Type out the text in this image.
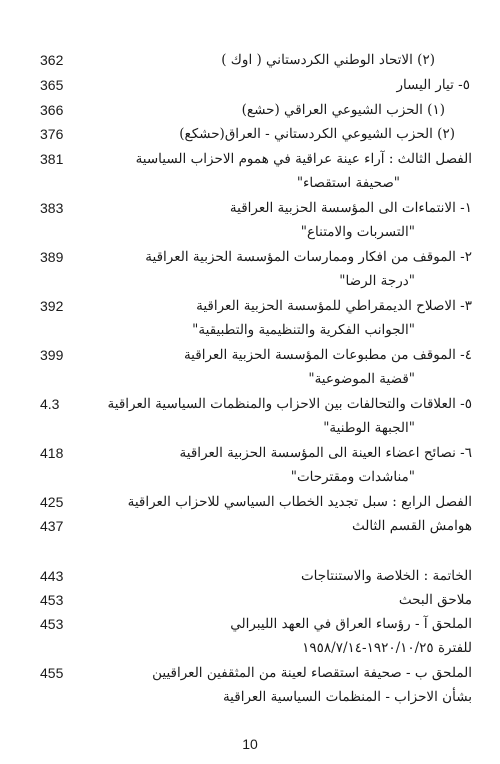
362	(٢) الاتحاد الوطني الكردستاني ( اوك )
365	٥- تيار اليسار
366	(١) الحزب الشيوعي العراقي (حشع)
376	(٢) الحزب الشيوعي الكردستاني - العراق(حشكع)
381	الفصل الثالث : آراء عينة عراقية في هموم الاحزاب السياسية
"صحيفة استقصاء"
383	١- الانتماءات الى المؤسسة الحزبية العراقية
"التسربات والامتناع"
389	٢- الموقف من افكار وممارسات المؤسسة الحزبية العراقية
"درجة الرضا"
392	٣- الاصلاح الديمقراطي للمؤسسة الحزبية العراقية
"الجوانب الفكرية والتنظيمية والتطبيقية"
399	٤- الموقف من مطبوعات المؤسسة الحزبية العراقية
"قضية الموضوعية"
4.3	٥- العلاقات والتحالفات بين الاحزاب والمنظمات السياسية العراقية
"الجبهة الوطنية"
418	٦- نصائح اعضاء العينة الى المؤسسة الحزبية العراقية
"مناشدات ومقترحات"
425	الفصل الرابع : سبل تجديد الخطاب السياسي للاحزاب العراقية
437	هوامش القسم الثالث
443	الخاتمة : الخلاصة والاستنتاجات
453	ملاحق البحث
453	الملحق آ - رؤساء العراق في العهد الليبرالي
للفترة ١٩٢٠/١٠/٢٥-١٩٥٨/٧/١٤
455	الملحق ب - صحيفة استقصاء لعينة من المثقفين العراقيين
بشأن الاحزاب - المنظمات السياسية العراقية
10
